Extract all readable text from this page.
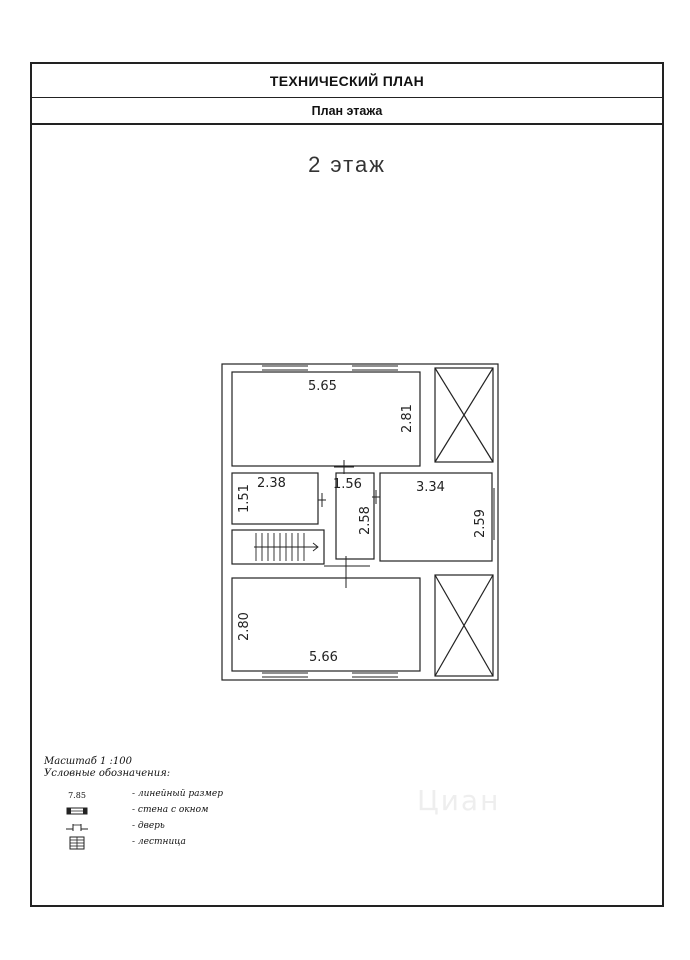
ТЕХНИЧЕСКИЙ ПЛАН
План этажа
2 этаж
Циан
Масштаб 1 :100
Условные обозначения:
7.85	- линейный размер
- стена с окном
- дверь
- лестница
5.65
2.81
2.38
1.51	1.56
2.58
3.34
2.59
2.80
5.66
